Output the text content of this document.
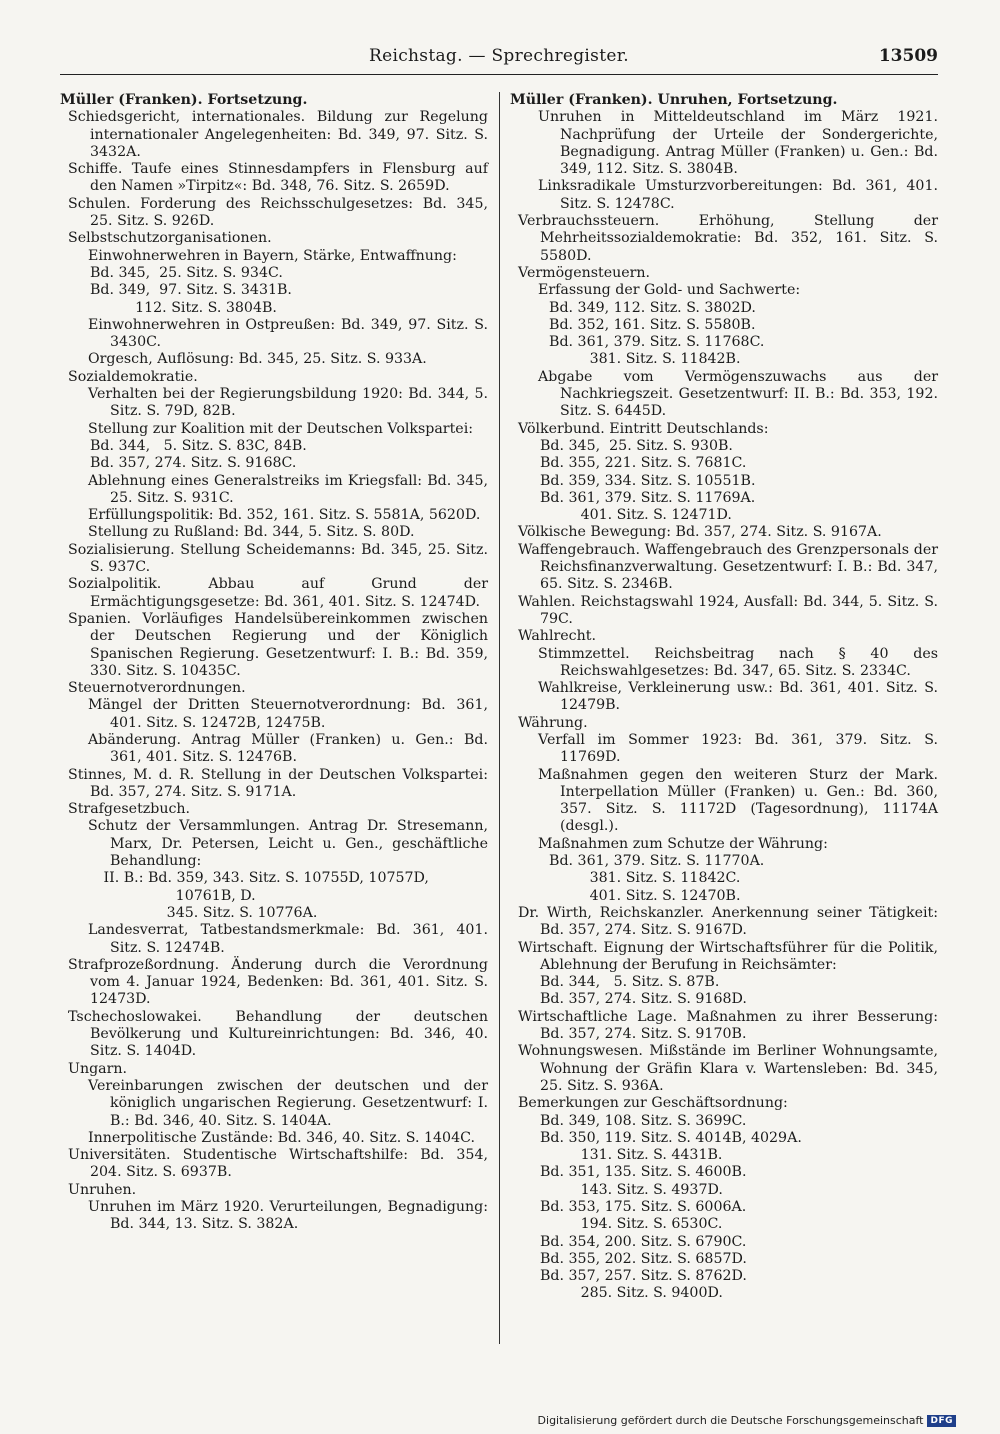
Reichstag. — Sprechregister.	13509

Müller (Franken). Fortsetzung.

Schiedsgericht, internationales. Bildung zur Regelung internationaler Angelegenheiten: Bd. 349, 97. Sitz. S. 3432A.

Schiffe. Taufe eines Stinnesdampfers in Flensburg auf den Namen »Tirpitz«: Bd. 348, 76. Sitz. S. 2659D.

Schulen. Forderung des Reichsschulgesetzes: Bd. 345, 25. Sitz. S. 926D.

Selbstschutzorganisationen.

Einwohnerwehren in Bayern, Stärke, Entwaffnung:

Bd. 345,  25. Sitz. S. 934C.

Bd. 349,  97. Sitz. S. 3431B.

112. Sitz. S. 3804B.

Einwohnerwehren in Ostpreußen: Bd. 349, 97. Sitz. S. 3430C.

Orgesch, Auflösung: Bd. 345, 25. Sitz. S. 933A.

Sozialdemokratie.

Verhalten bei der Regierungsbildung 1920: Bd. 344, 5. Sitz. S. 79D, 82B.

Stellung zur Koalition mit der Deutschen Volkspartei:

Bd. 344,   5. Sitz. S. 83C, 84B.

Bd. 357, 274. Sitz. S. 9168C.

Ablehnung eines Generalstreiks im Kriegsfall: Bd. 345, 25. Sitz. S. 931C.

Erfüllungspolitik: Bd. 352, 161. Sitz. S. 5581A, 5620D.

Stellung zu Rußland: Bd. 344, 5. Sitz. S. 80D.

Sozialisierung. Stellung Scheidemanns: Bd. 345, 25. Sitz. S. 937C.

Sozialpolitik. Abbau auf Grund der Ermächtigungsgesetze: Bd. 361, 401. Sitz. S. 12474D.

Spanien. Vorläufiges Handelsübereinkommen zwischen der Deutschen Regierung und der Königlich Spanischen Regierung. Gesetzentwurf: I. B.: Bd. 359, 330. Sitz. S. 10435C.

Steuernotverordnungen.

Mängel der Dritten Steuernotverordnung: Bd. 361, 401. Sitz. S. 12472B, 12475B.

Abänderung. Antrag Müller (Franken) u. Gen.: Bd. 361, 401. Sitz. S. 12476B.

Stinnes, M. d. R. Stellung in der Deutschen Volkspartei: Bd. 357, 274. Sitz. S. 9171A.

Strafgesetzbuch.

Schutz der Versammlungen. Antrag Dr. Stresemann, Marx, Dr. Petersen, Leicht u. Gen., geschäftliche Behandlung:

II. B.: Bd. 359, 343. Sitz. S. 10755D, 10757D,

10761B, D.

345. Sitz. S. 10776A.

Landesverrat, Tatbestandsmerkmale: Bd. 361, 401. Sitz. S. 12474B.

Strafprozeßordnung. Änderung durch die Verordnung vom 4. Januar 1924, Bedenken: Bd. 361, 401. Sitz. S. 12473D.

Tschechoslowakei. Behandlung der deutschen Bevölkerung und Kultureinrichtungen: Bd. 346, 40. Sitz. S. 1404D.

Ungarn.

Vereinbarungen zwischen der deutschen und der königlich ungarischen Regierung. Gesetzentwurf: I. B.: Bd. 346, 40. Sitz. S. 1404A.

Innerpolitische Zustände: Bd. 346, 40. Sitz. S. 1404C.

Universitäten. Studentische Wirtschaftshilfe: Bd. 354, 204. Sitz. S. 6937B.

Unruhen.

Unruhen im März 1920. Verurteilungen, Begnadigung: Bd. 344, 13. Sitz. S. 382A.

Müller (Franken). Unruhen, Fortsetzung.

Unruhen in Mitteldeutschland im März 1921. Nachprüfung der Urteile der Sondergerichte, Begnadigung. Antrag Müller (Franken) u. Gen.: Bd. 349, 112. Sitz. S. 3804B.

Linksradikale Umsturzvorbereitungen: Bd. 361, 401. Sitz. S. 12478C.

Verbrauchssteuern. Erhöhung, Stellung der Mehrheitssozialdemokratie: Bd. 352, 161. Sitz. S. 5580D.

Vermögensteuern.

Erfassung der Gold- und Sachwerte:

Bd. 349, 112. Sitz. S. 3802D.

Bd. 352, 161. Sitz. S. 5580B.

Bd. 361, 379. Sitz. S. 11768C.

381. Sitz. S. 11842B.

Abgabe vom Vermögenszuwachs aus der Nachkriegszeit. Gesetzentwurf: II. B.: Bd. 353, 192. Sitz. S. 6445D.

Völkerbund. Eintritt Deutschlands:

Bd. 345,  25. Sitz. S. 930B.

Bd. 355, 221. Sitz. S. 7681C.

Bd. 359, 334. Sitz. S. 10551B.

Bd. 361, 379. Sitz. S. 11769A.

401. Sitz. S. 12471D.

Völkische Bewegung: Bd. 357, 274. Sitz. S. 9167A.

Waffengebrauch. Waffengebrauch des Grenzpersonals der Reichsfinanzverwaltung. Gesetzentwurf: I. B.: Bd. 347, 65. Sitz. S. 2346B.

Wahlen. Reichstagswahl 1924, Ausfall: Bd. 344, 5. Sitz. S. 79C.

Wahlrecht.

Stimmzettel. Reichsbeitrag nach § 40 des Reichswahlgesetzes: Bd. 347, 65. Sitz. S. 2334C.

Wahlkreise, Verkleinerung usw.: Bd. 361, 401. Sitz. S. 12479B.

Währung.

Verfall im Sommer 1923: Bd. 361, 379. Sitz. S. 11769D.

Maßnahmen gegen den weiteren Sturz der Mark. Interpellation Müller (Franken) u. Gen.: Bd. 360, 357. Sitz. S. 11172D (Tagesordnung), 11174A (desgl.).

Maßnahmen zum Schutze der Währung:

Bd. 361, 379. Sitz. S. 11770A.

381. Sitz. S. 11842C.

401. Sitz. S. 12470B.

Dr. Wirth, Reichskanzler. Anerkennung seiner Tätigkeit: Bd. 357, 274. Sitz. S. 9167D.

Wirtschaft. Eignung der Wirtschaftsführer für die Politik, Ablehnung der Berufung in Reichsämter:

Bd. 344,   5. Sitz. S. 87B.

Bd. 357, 274. Sitz. S. 9168D.

Wirtschaftliche Lage. Maßnahmen zu ihrer Besserung: Bd. 357, 274. Sitz. S. 9170B.

Wohnungswesen. Mißstände im Berliner Wohnungsamte, Wohnung der Gräfin Klara v. Wartensleben: Bd. 345, 25. Sitz. S. 936A.

Bemerkungen zur Geschäftsordnung:

Bd. 349, 108. Sitz. S. 3699C.

Bd. 350, 119. Sitz. S. 4014B, 4029A.

131. Sitz. S. 4431B.

Bd. 351, 135. Sitz. S. 4600B.

143. Sitz. S. 4937D.

Bd. 353, 175. Sitz. S. 6006A.

194. Sitz. S. 6530C.

Bd. 354, 200. Sitz. S. 6790C.

Bd. 355, 202. Sitz. S. 6857D.

Bd. 357, 257. Sitz. S. 8762D.

285. Sitz. S. 9400D.

Digitalisierung gefördert durch die Deutsche Forschungsgemeinschaft DFG
